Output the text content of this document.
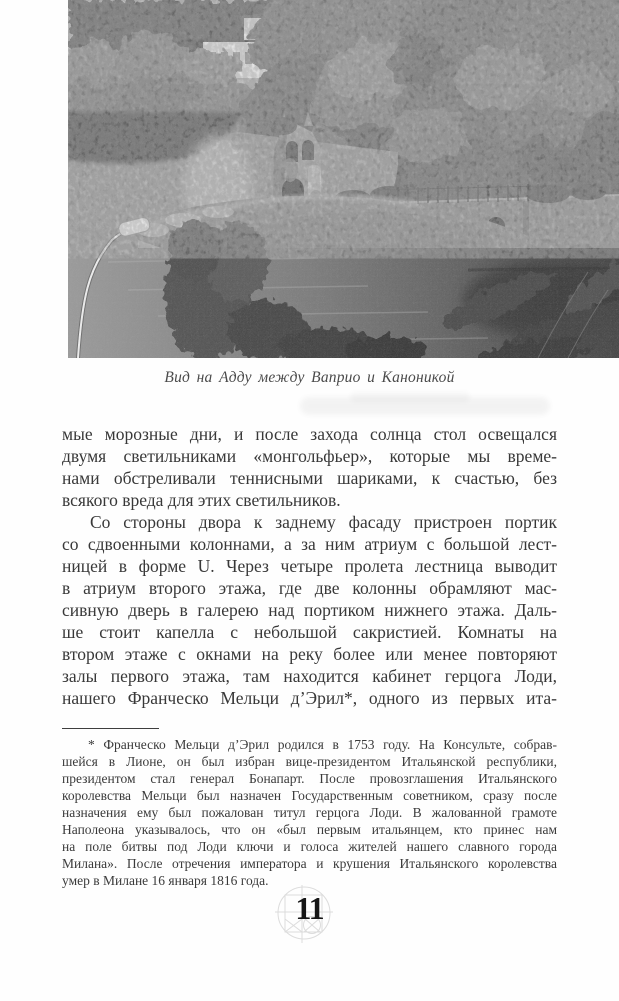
Вид на Адду между Ваприо и Каноникой
мые морозные дни, и после захода солнца стол освещался
двумя светильниками «монгольфьер», которые мы време-
нами обстреливали теннисными шариками, к счастью, без
всякого вреда для этих светильников.
Со стороны двора к заднему фасаду пристроен портик
со сдвоенными колоннами, а за ним атриум с большой лест-
ницей в форме U. Через четыре пролета лестница выводит
в атриум второго этажа, где две колонны обрамляют мас-
сивную дверь в галерею над портиком нижнего этажа. Даль-
ше стоит капелла с небольшой сакристией. Комнаты на
втором этаже с окнами на реку более или менее повторяют
залы первого этажа, там находится кабинет герцога Лоди,
нашего Франческо Мельци д’Эрил*, одного из первых ита-
* Франческо Мельци д’Эрил родился в 1753 году. На Консульте, собрав-
шейся в Лионе, он был избран вице-президентом Итальянской республики,
президентом стал генерал Бонапарт. После провозглашения Итальянского
королевства Мельци был назначен Государственным советником, сразу после
назначения ему был пожалован титул герцога Лоди. В жалованной грамоте
Наполеона указывалось, что он «был первым итальянцем, кто принес нам
на поле битвы под Лоди ключи и голоса жителей нашего славного города
Милана». После отречения императора и крушения Итальянского королевства
умер в Милане 16 января 1816 года.
11
